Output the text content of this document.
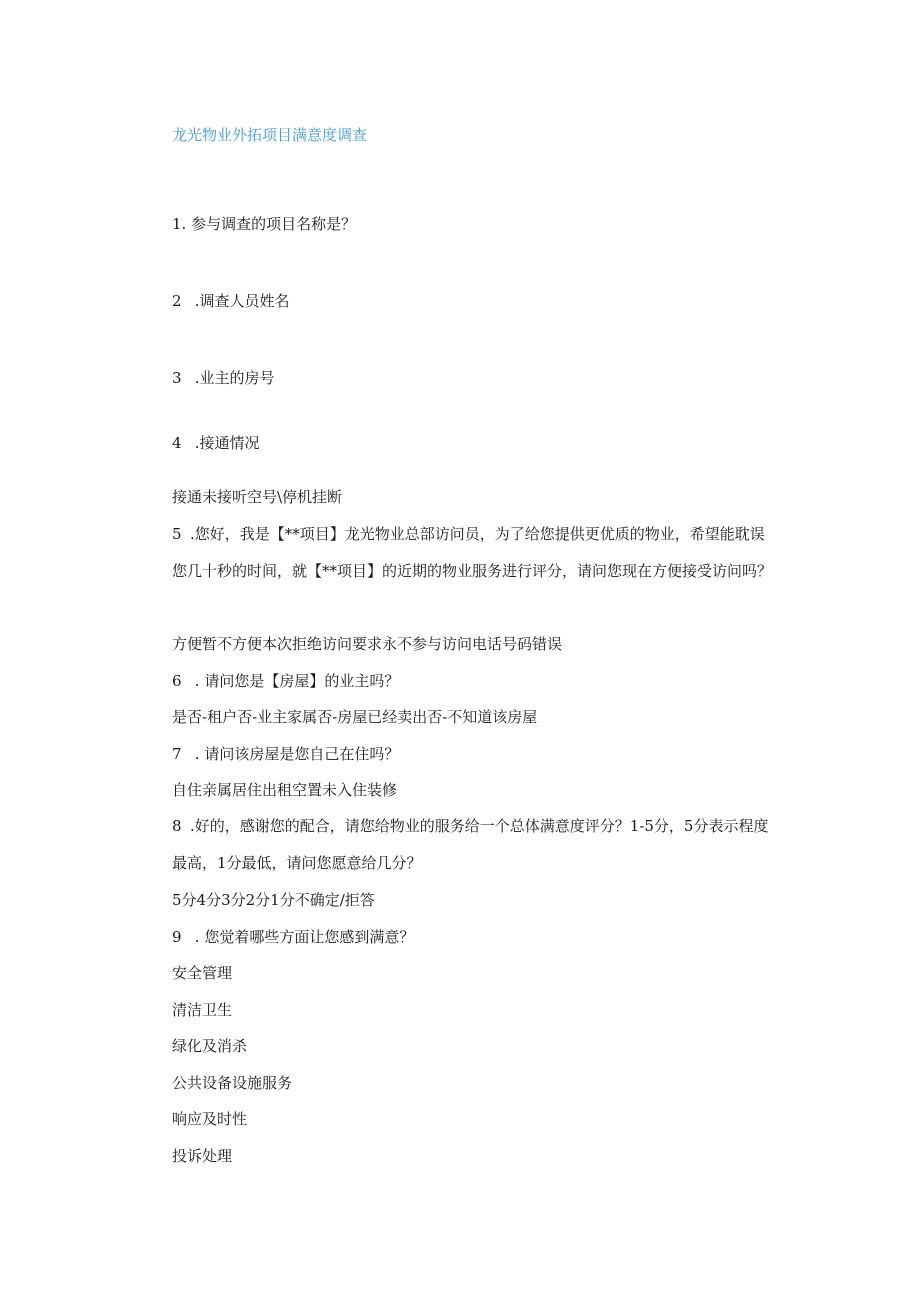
龙光物业外拓项目满意度调查
1. 参与调查的项目名称是？
2 .调查人员姓名
3 .业主的房号
4 .接通情况
接通未接听空号\停机挂断
5 .您好，我是【**项目】龙光物业总部访问员，为了给您提供更优质的物业，希望能耽误您几十秒的时间，就【**项目】的近期的物业服务进行评分，请问您现在方便接受访问吗？
方便暂不方便本次拒绝访问要求永不参与访问电话号码错误
6 . 请问您是【房屋】的业主吗？
是否-租户否-业主家属否-房屋已经卖出否-不知道该房屋
7 . 请问该房屋是您自己在住吗？
自住亲属居住出租空置未入住装修
8 .好的，感谢您的配合，请您给物业的服务给一个总体满意度评分？1-5分，5分表示程度最高，1分最低，请问您愿意给几分？
5分4分3分2分1分不确定/拒答
9 . 您觉着哪些方面让您感到满意？
安全管理
清洁卫生
绿化及消杀
公共设备设施服务
响应及时性
投诉处理
